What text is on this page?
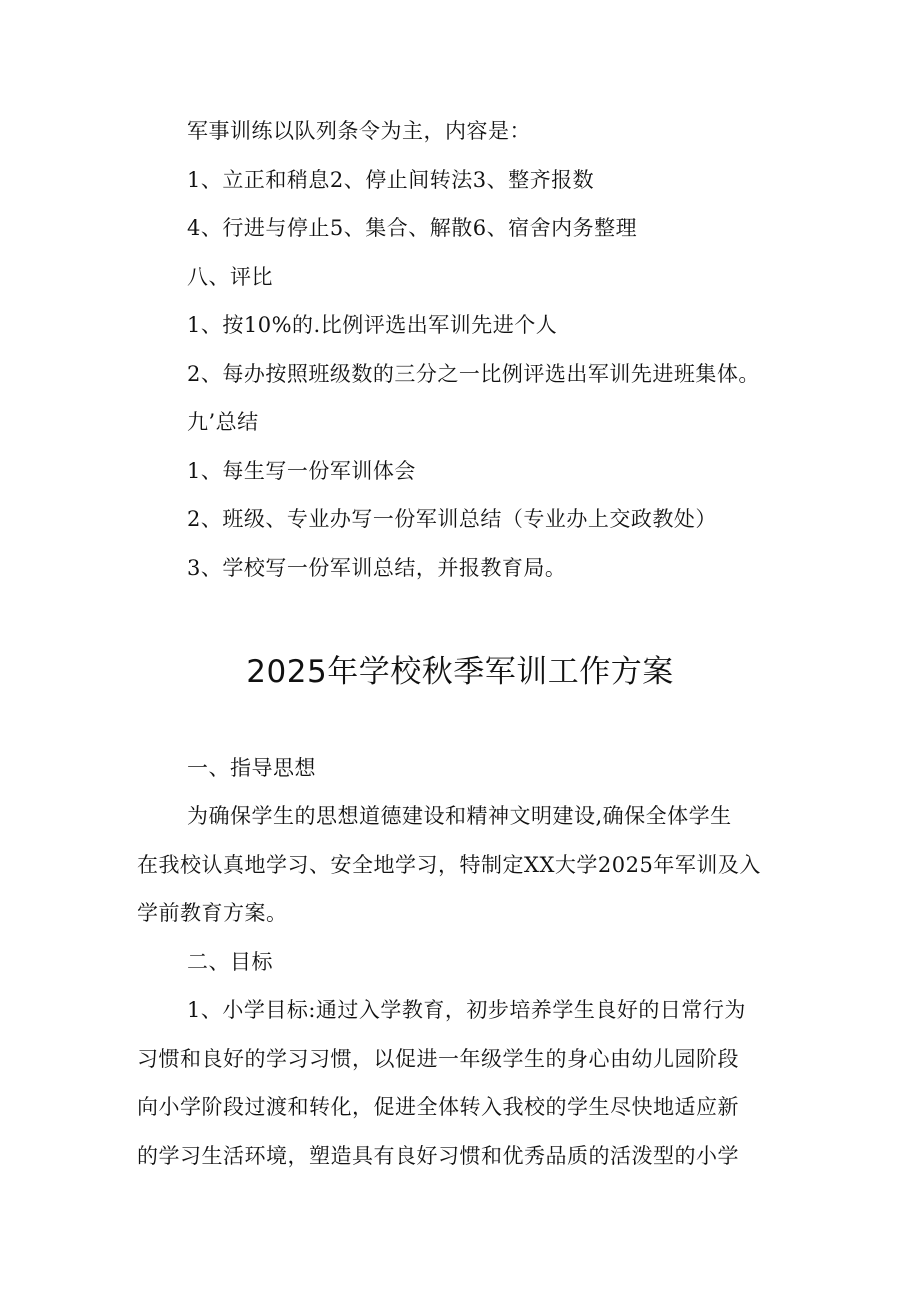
军事训练以队列条令为主，内容是：
1、立正和稍息2、停止间转法3、整齐报数
4、行进与停止5、集合、解散6、宿舍内务整理
八、评比
1、按10%的.比例评选出军训先进个人
2、每办按照班级数的三分之一比例评选出军训先进班集体。
九’总结
1、每生写一份军训体会
2、班级、专业办写一份军训总结（专业办上交政教处）
3、学校写一份军训总结，并报教育局。
2025年学校秋季军训工作方案
一、指导思想
为确保学生的思想道德建设和精神文明建设,确保全体学生
在我校认真地学习、安全地学习，特制定XX大学2025年军训及入
学前教育方案。
二、目标
1、小学目标:通过入学教育，初步培养学生良好的日常行为
习惯和良好的学习习惯，以促进一年级学生的身心由幼儿园阶段
向小学阶段过渡和转化，促进全体转入我校的学生尽快地适应新
的学习生活环境，塑造具有良好习惯和优秀品质的活泼型的小学
